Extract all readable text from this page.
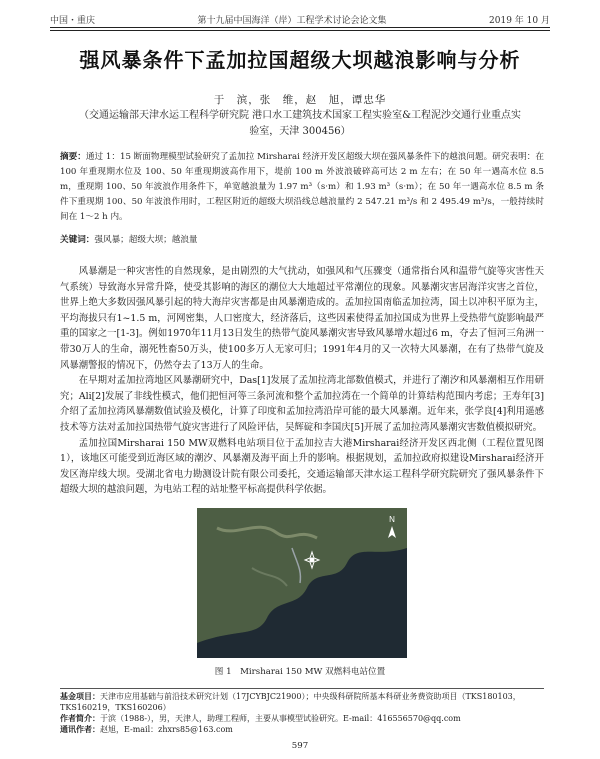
中国・重庆	第十九届中国海洋（岸）工程学术讨论会论文集	2019 年 10 月
强风暴条件下孟加拉国超级大坝越浪影响与分析
于　滨，张　维，赵　旭，谭忠华
（交通运输部天津水运工程科学研究院 港口水工建筑技术国家工程实验室&工程泥沙交通行业重点实验室，天津 300456）
摘要：通过 1：15 断面物理模型试验研究了孟加拉 Mirsharai 经济开发区超级大坝在强风暴条件下的越浪问题。研究表明：在 100 年重现期水位及 100、50 年重现期波高作用下，堤前 100 m 外波浪破碎高可达 2 m 左右；在 50 年一遇高水位 8.5 m，重现期 100、50 年波浪作用条件下，单宽越浪量为 1.97 m³（s·m）和 1.93 m³（s·m）；在 50 年一遇高水位 8.5 m 条件下重现期 100、50 年波浪作用时，工程区附近的超级大坝沿线总越浪量约 2 547.21 m³/s 和 2 495.49 m³/s，一般持续时间在 1～2 h 内。
关键词：强风暴；超级大坝；越浪量

风暴潮是一种灾害性的自然现象，是由剧烈的大气扰动，如强风和气压骤变（通常指台风和温带气旋等灾害性天气系统）导致海水异常升降，使受其影响的海区的潮位大大地超过平常潮位的现象。风暴潮灾害居海洋灾害之首位，世界上绝大多数因强风暴引起的特大海岸灾害都是由风暴潮造成的。孟加拉国南临孟加拉湾，国土以冲积平原为主，平均海拔只有1~1.5 m，河网密集，人口密度大，经济落后，这些因素使得孟加拉国成为世界上受热带气旋影响最严重的国家之一[1-3]。例如1970年11月13日发生的热带气旋风暴潮灾害导致风暴增水超过6 m，夺去了恒河三角洲一带30万人的生命，溺死牲畜50万头，使100多万人无家可归；1991年4月的又一次特大风暴潮，在有了热带气旋及风暴潮警报的情况下，仍然夺去了13万人的生命。

在早期对孟加拉湾地区风暴潮研究中，Das[1]发展了孟加拉湾北部数值模式，并进行了潮汐和风暴潮相互作用研究；Ali[2]发展了非线性模式，他们把恒河等三条河流和整个孟加拉湾在一个简单的计算结构范围内考虑；王寿年[3]介绍了孟加拉湾风暴潮数值试验及模化，计算了印度和孟加拉湾沿岸可能的最大风暴潮。近年来，张学良[4]利用遥感技术等方法对孟加拉国热带气旋灾害进行了风险评估，吴辉碇和李国庆[5]开展了孟加拉湾风暴潮灾害数值模拟研究。

孟加拉国Mirsharai 150 MW双燃料电站项目位于孟加拉吉大港Mirsharai经济开发区西北侧（工程位置见图1），该地区可能受到近海区域的潮汐、风暴潮及海平面上升的影响。根据规划，孟加拉政府拟建设Mirsharai经济开发区海岸线大坝。受湖北省电力勘测设计院有限公司委托，交通运输部天津水运工程科学研究院研究了强风暴条件下超级大坝的越浪问题，为电站工程的站址整平标高提供科学依据。

N
图 1　Mirsharai 150 MW 双燃料电站位置
基金项目：天津市应用基础与前沿技术研究计划（17JCYBJC21900）；中央级科研院所基本科研业务费资助项目（TKS180103，TKS160219，TKS160206）
作者简介：于滨（1988-），男，天津人，助理工程师，主要从事模型试验研究。E-mail：416556570@qq.com
通讯作者：赵旭，E-mail：zhxrs85@163.com
597
